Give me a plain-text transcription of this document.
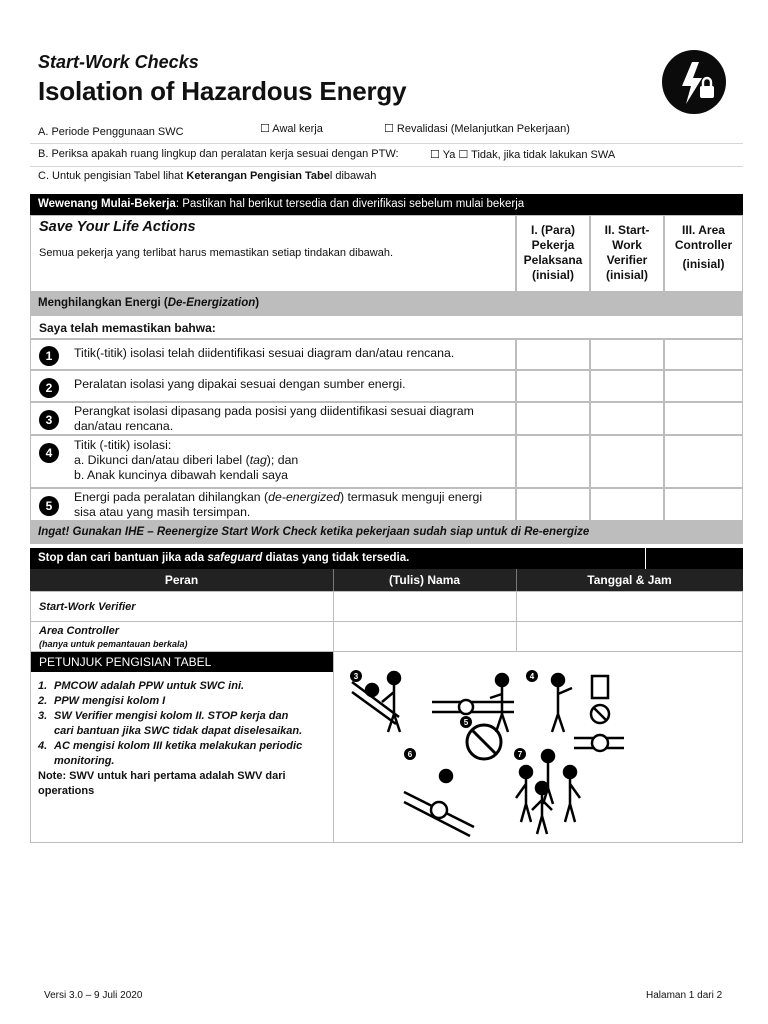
Start-Work Checks
Isolation of Hazardous Energy
A. Periode Penggunaan SWC	☐ Awal kerja	☐ Revalidasi (Melanjutkan Pekerjaan)
B. Periksa apakah ruang lingkup dan peralatan kerja sesuai dengan PTW:	☐ Ya ☐ Tidak, jika tidak lakukan SWA
C. Untuk pengisian Tabel lihat Keterangan Pengisian Tabel dibawah
Wewenang Mulai-Bekerja: Pastikan hal berikut tersedia dan diverifikasi sebelum mulai bekerja
Save Your Life Actions
Semua pekerja yang terlibat harus memastikan setiap tindakan dibawah.
I. (Para)
Pekerja
Pelaksana
(inisial)
II. Start-
Work
Verifier
(inisial)
III. Area
Controller
(inisial)
Menghilangkan Energi (De-Energization)
Saya telah memastikan bahwa:
1	Titik(-titik) isolasi telah diidentifikasi sesuai diagram dan/atau rencana.
2	Peralatan isolasi yang dipakai sesuai dengan sumber energi.
3
Perangkat isolasi dipasang pada posisi yang diidentifikasi sesuai diagram
dan/atau rencana.
4
Titik (-titik) isolasi:
a. Dikunci dan/atau diberi label (tag); dan
b. Anak kuncinya dibawah kendali saya
5
Energi pada peralatan dihilangkan (de-energized) termasuk menguji energi
sisa atau yang masih tersimpan.
Ingat! Gunakan IHE – Reenergize Start Work Check ketika pekerjaan sudah siap untuk di Re-energize
Stop dan cari bantuan jika ada safeguard diatas yang tidak tersedia.
Peran	(Tulis) Nama	Tanggal & Jam
Start-Work Verifier
Area Controller
(hanya untuk pemantauan berkala)
PETUNJUK PENGISIAN TABEL
1. PMCOW adalah PPW untuk SWC ini.
2. PPW mengisi kolom I
3. SW Verifier mengisi kolom II. STOP kerja dan
cari bantuan jika SWC tidak dapat diselesaikan.
4. AC mengisi kolom III ketika melakukan periodic
monitoring.
Note: SWV untuk hari pertama adalah SWV dari
operations
3	4
5
6	7
Versi 3.0 – 9 Juli 2020	Halaman 1 dari 2
